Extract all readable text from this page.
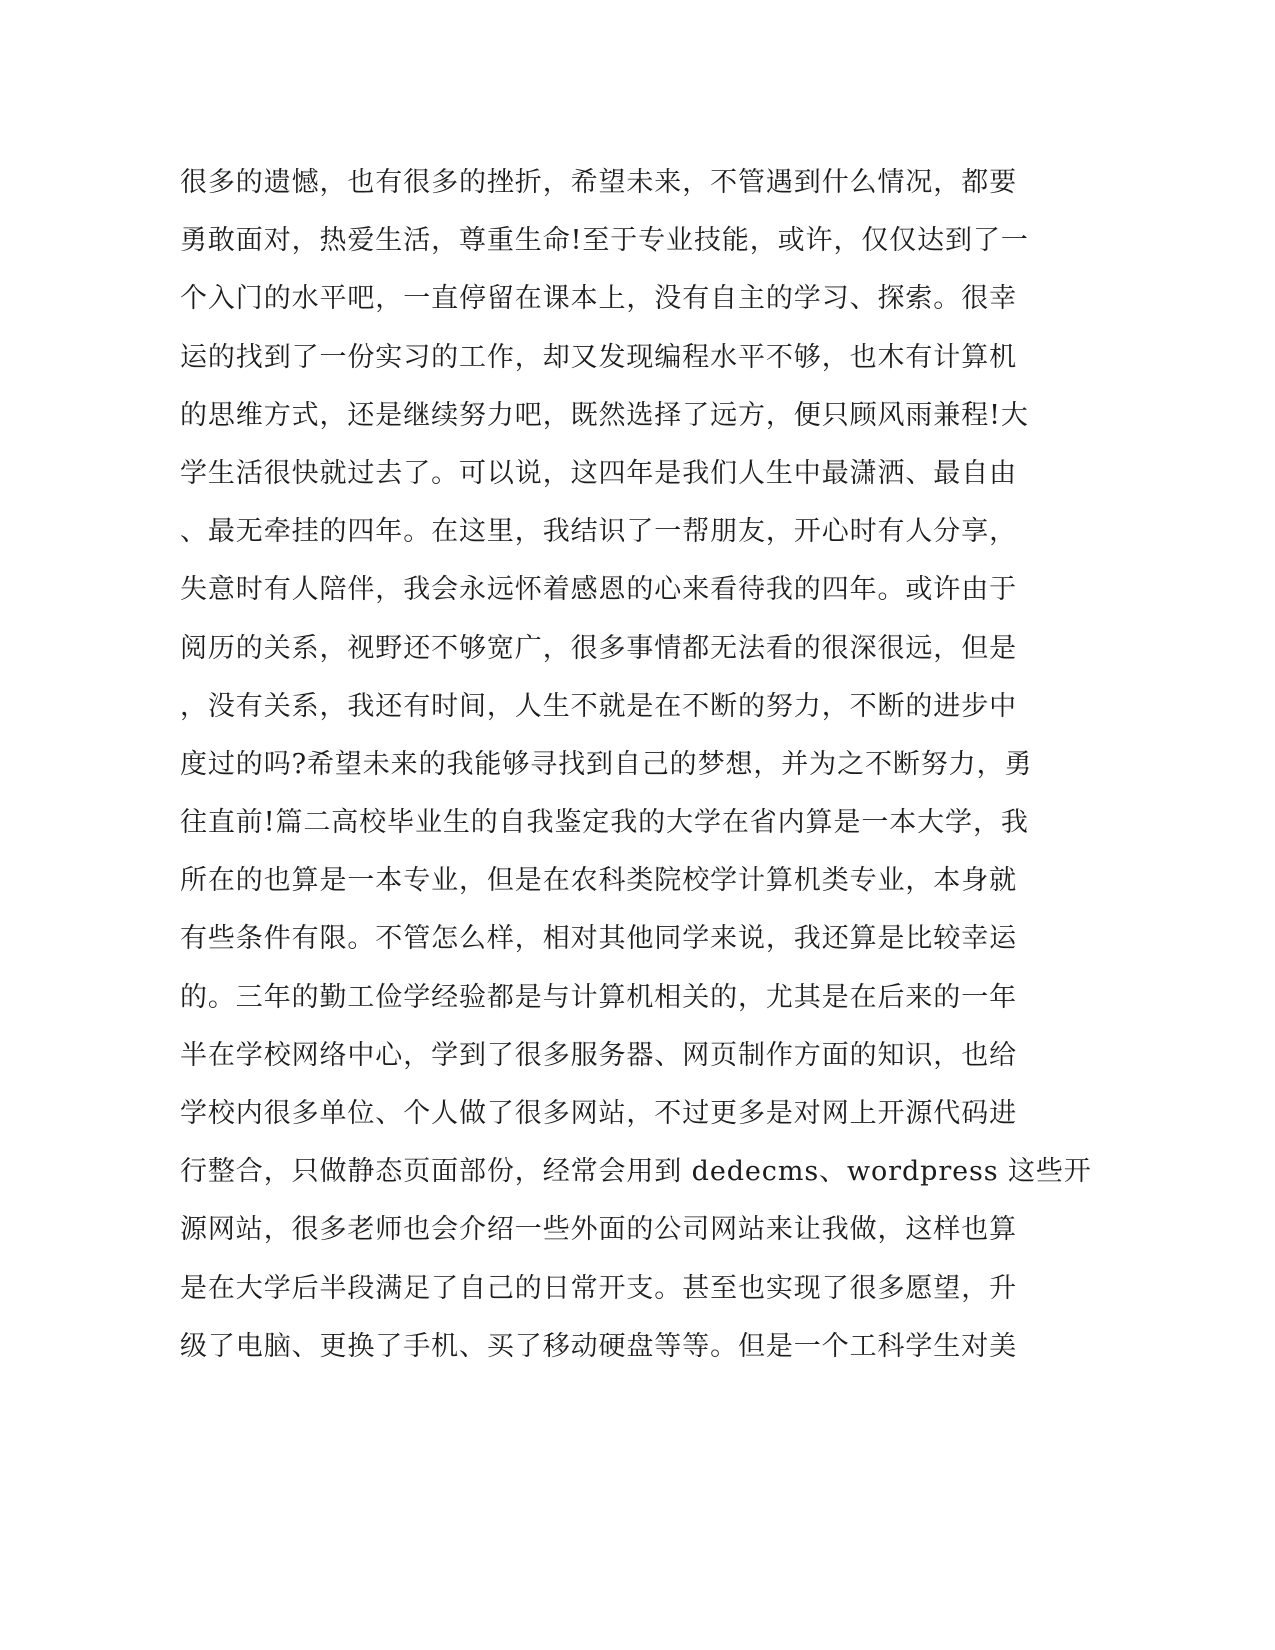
很多的遗憾，也有很多的挫折，希望未来，不管遇到什么情况，都要
勇敢面对，热爱生活，尊重生命!至于专业技能，或许，仅仅达到了一
个入门的水平吧，一直停留在课本上，没有自主的学习、探索。很幸
运的找到了一份实习的工作，却又发现编程水平不够，也木有计算机
的思维方式，还是继续努力吧，既然选择了远方，便只顾风雨兼程!大
学生活很快就过去了。可以说，这四年是我们人生中最潇洒、最自由
、最无牵挂的四年。在这里，我结识了一帮朋友，开心时有人分享，
失意时有人陪伴，我会永远怀着感恩的心来看待我的四年。或许由于
阅历的关系，视野还不够宽广，很多事情都无法看的很深很远，但是
，没有关系，我还有时间，人生不就是在不断的努力，不断的进步中
度过的吗?希望未来的我能够寻找到自己的梦想，并为之不断努力，勇
往直前!篇二高校毕业生的自我鉴定我的大学在省内算是一本大学，我
所在的也算是一本专业，但是在农科类院校学计算机类专业，本身就
有些条件有限。不管怎么样，相对其他同学来说，我还算是比较幸运
的。三年的勤工俭学经验都是与计算机相关的，尤其是在后来的一年
半在学校网络中心，学到了很多服务器、网页制作方面的知识，也给
学校内很多单位、个人做了很多网站，不过更多是对网上开源代码进
行整合，只做静态页面部份，经常会用到 dedecms、wordpress 这些开
源网站，很多老师也会介绍一些外面的公司网站来让我做，这样也算
是在大学后半段满足了自己的日常开支。甚至也实现了很多愿望，升
级了电脑、更换了手机、买了移动硬盘等等。但是一个工科学生对美
